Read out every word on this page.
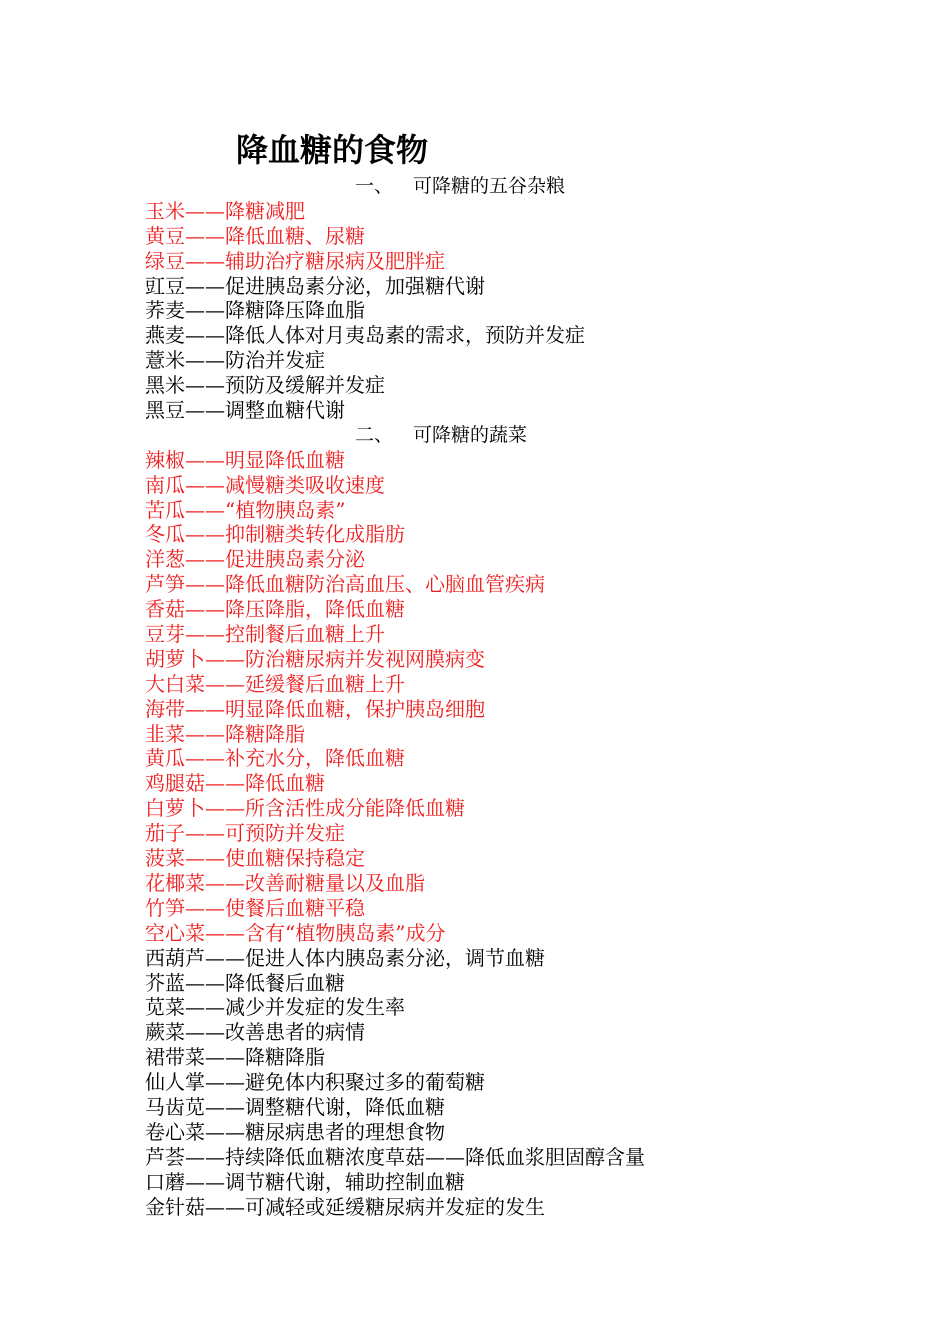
降血糖的食物
一、 可降糖的五谷杂粮
玉米——降糖减肥
黄豆——降低血糖、尿糖
绿豆——辅助治疗糖尿病及肥胖症
豇豆——促进胰岛素分泌，加强糖代谢
荞麦——降糖降压降血脂
燕麦——降低人体对月夷岛素的需求，预防并发症
薏米——防治并发症
黑米——预防及缓解并发症
黑豆——调整血糖代谢
二、 可降糖的蔬菜
辣椒——明显降低血糖
南瓜——减慢糖类吸收速度
苦瓜——“植物胰岛素”
冬瓜——抑制糖类转化成脂肪
洋葱——促进胰岛素分泌
芦笋——降低血糖防治高血压、心脑血管疾病
香菇——降压降脂，降低血糖
豆芽——控制餐后血糖上升
胡萝卜——防治糖尿病并发视网膜病变
大白菜——延缓餐后血糖上升
海带——明显降低血糖，保护胰岛细胞
韭菜——降糖降脂
黄瓜——补充水分，降低血糖
鸡腿菇——降低血糖
白萝卜——所含活性成分能降低血糖
茄子——可预防并发症
菠菜——使血糖保持稳定
花椰菜——改善耐糖量以及血脂
竹笋——使餐后血糖平稳
空心菜——含有“植物胰岛素”成分
西葫芦——促进人体内胰岛素分泌，调节血糖
芥蓝——降低餐后血糖
苋菜——减少并发症的发生率
蕨菜——改善患者的病情
裙带菜——降糖降脂
仙人掌——避免体内积聚过多的葡萄糖
马齿苋——调整糖代谢，降低血糖
卷心菜——糖尿病患者的理想食物
芦荟——持续降低血糖浓度草菇——降低血浆胆固醇含量
口蘑——调节糖代谢，辅助控制血糖
金针菇——可减轻或延缓糖尿病并发症的发生
